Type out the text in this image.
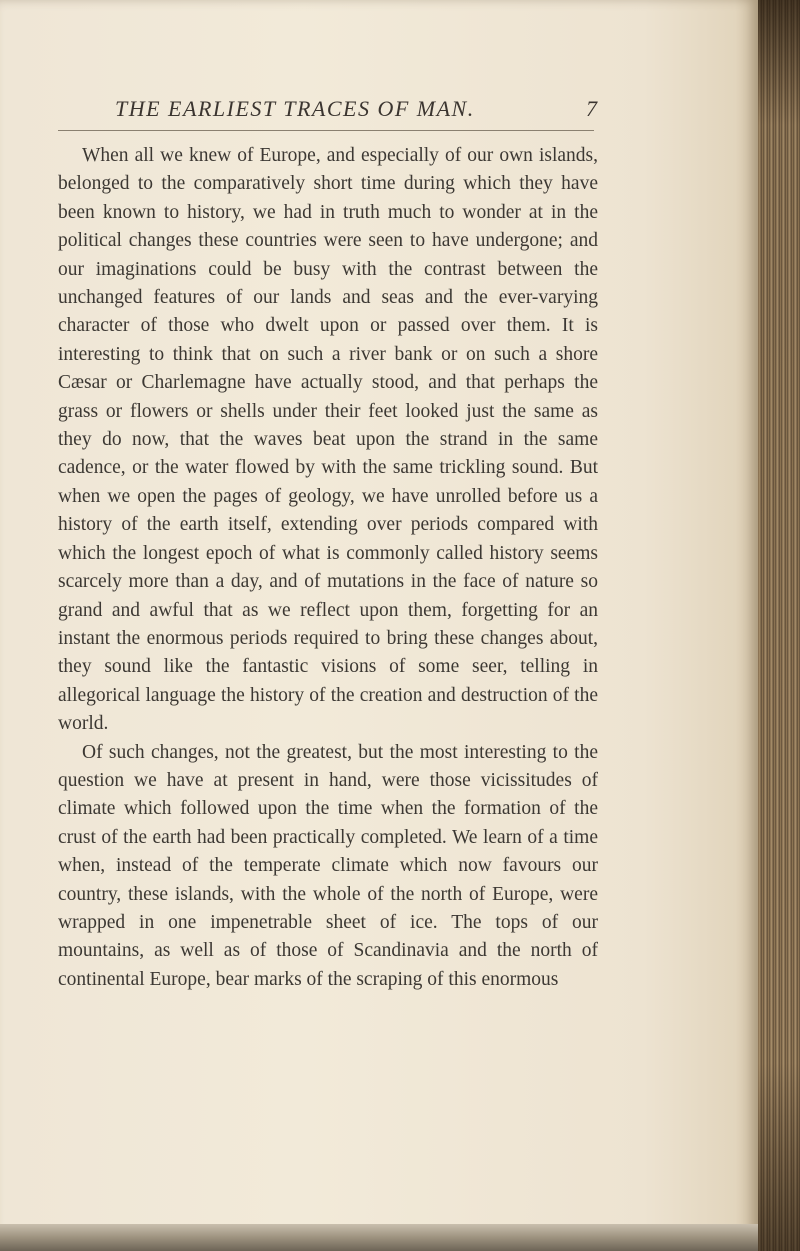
THE EARLIEST TRACES OF MAN.	7

When all we knew of Europe, and especially of our own islands, belonged to the comparatively short time during which they have been known to history, we had in truth much to wonder at in the political changes these countries were seen to have undergone; and our imaginations could be busy with the contrast between the unchanged features of our lands and seas and the ever-varying character of those who dwelt upon or passed over them. It is interesting to think that on such a river bank or on such a shore Cæsar or Charlemagne have actually stood, and that perhaps the grass or flowers or shells under their feet looked just the same as they do now, that the waves beat upon the strand in the same cadence, or the water flowed by with the same trickling sound. But when we open the pages of geology, we have unrolled before us a history of the earth itself, extending over periods compared with which the longest epoch of what is commonly called history seems scarcely more than a day, and of mutations in the face of nature so grand and awful that as we reflect upon them, forgetting for an instant the enormous periods required to bring these changes about, they sound like the fantastic visions of some seer, telling in allegorical language the history of the creation and destruction of the world.

Of such changes, not the greatest, but the most interesting to the question we have at present in hand, were those vicissitudes of climate which followed upon the time when the formation of the crust of the earth had been practically completed. We learn of a time when, instead of the temperate climate which now favours our country, these islands, with the whole of the north of Europe, were wrapped in one impenetrable sheet of ice. The tops of our mountains, as well as of those of Scandinavia and the north of continental Europe, bear marks of the scraping of this enormous
